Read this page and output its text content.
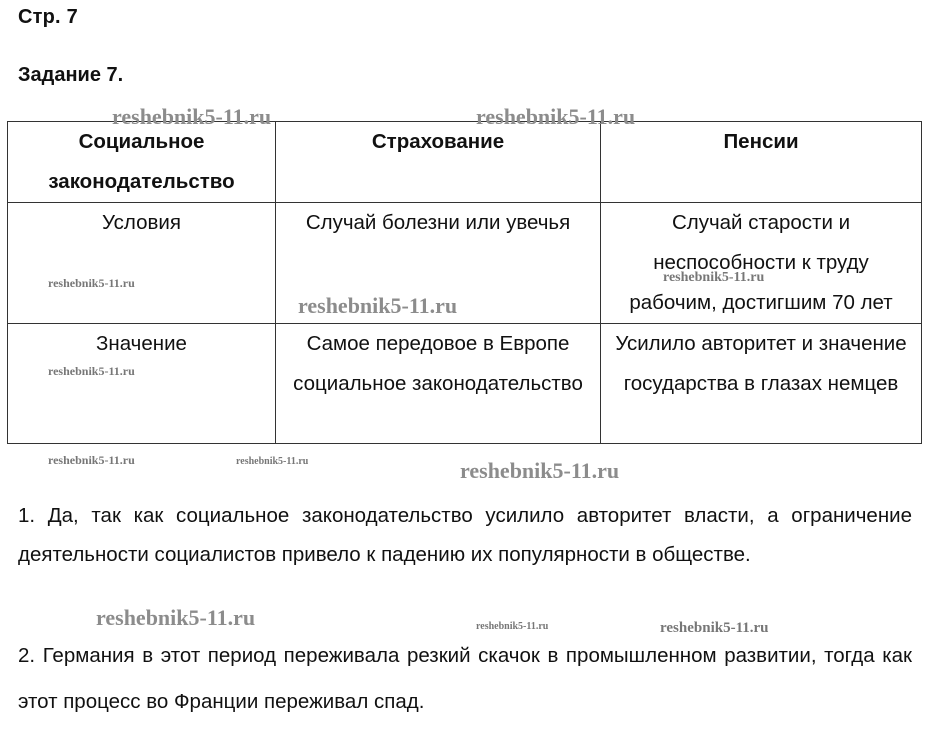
Стр. 7
Задание 7.
Социальное законодательство	Страхование	Пенсии
Условия	Случай болезни или увечья	Случай старости и неспособности к труду рабочим, достигшим 70 лет
Значение	Самое передовое в Европе социальное законодательство	Усилило авторитет и значение государства в глазах немцев
1. Да, так как социальное законодательство усилило авторитет власти, а ограничение деятельности социалистов привело к падению их популярности в обществе.
2. Германия в этот период переживала резкий скачок в промышленном развитии, тогда как этот процесс во Франции переживал спад.
reshebnik5-11.ru	reshebnik5-11.ru
reshebnik5-11.ru
reshebnik5-11.ru
reshebnik5-11.ru
reshebnik5-11.ru
reshebnik5-11.ru	reshebnik5-11.ru	reshebnik5-11.ru
reshebnik5-11.ru	reshebnik5-11.ru	reshebnik5-11.ru
